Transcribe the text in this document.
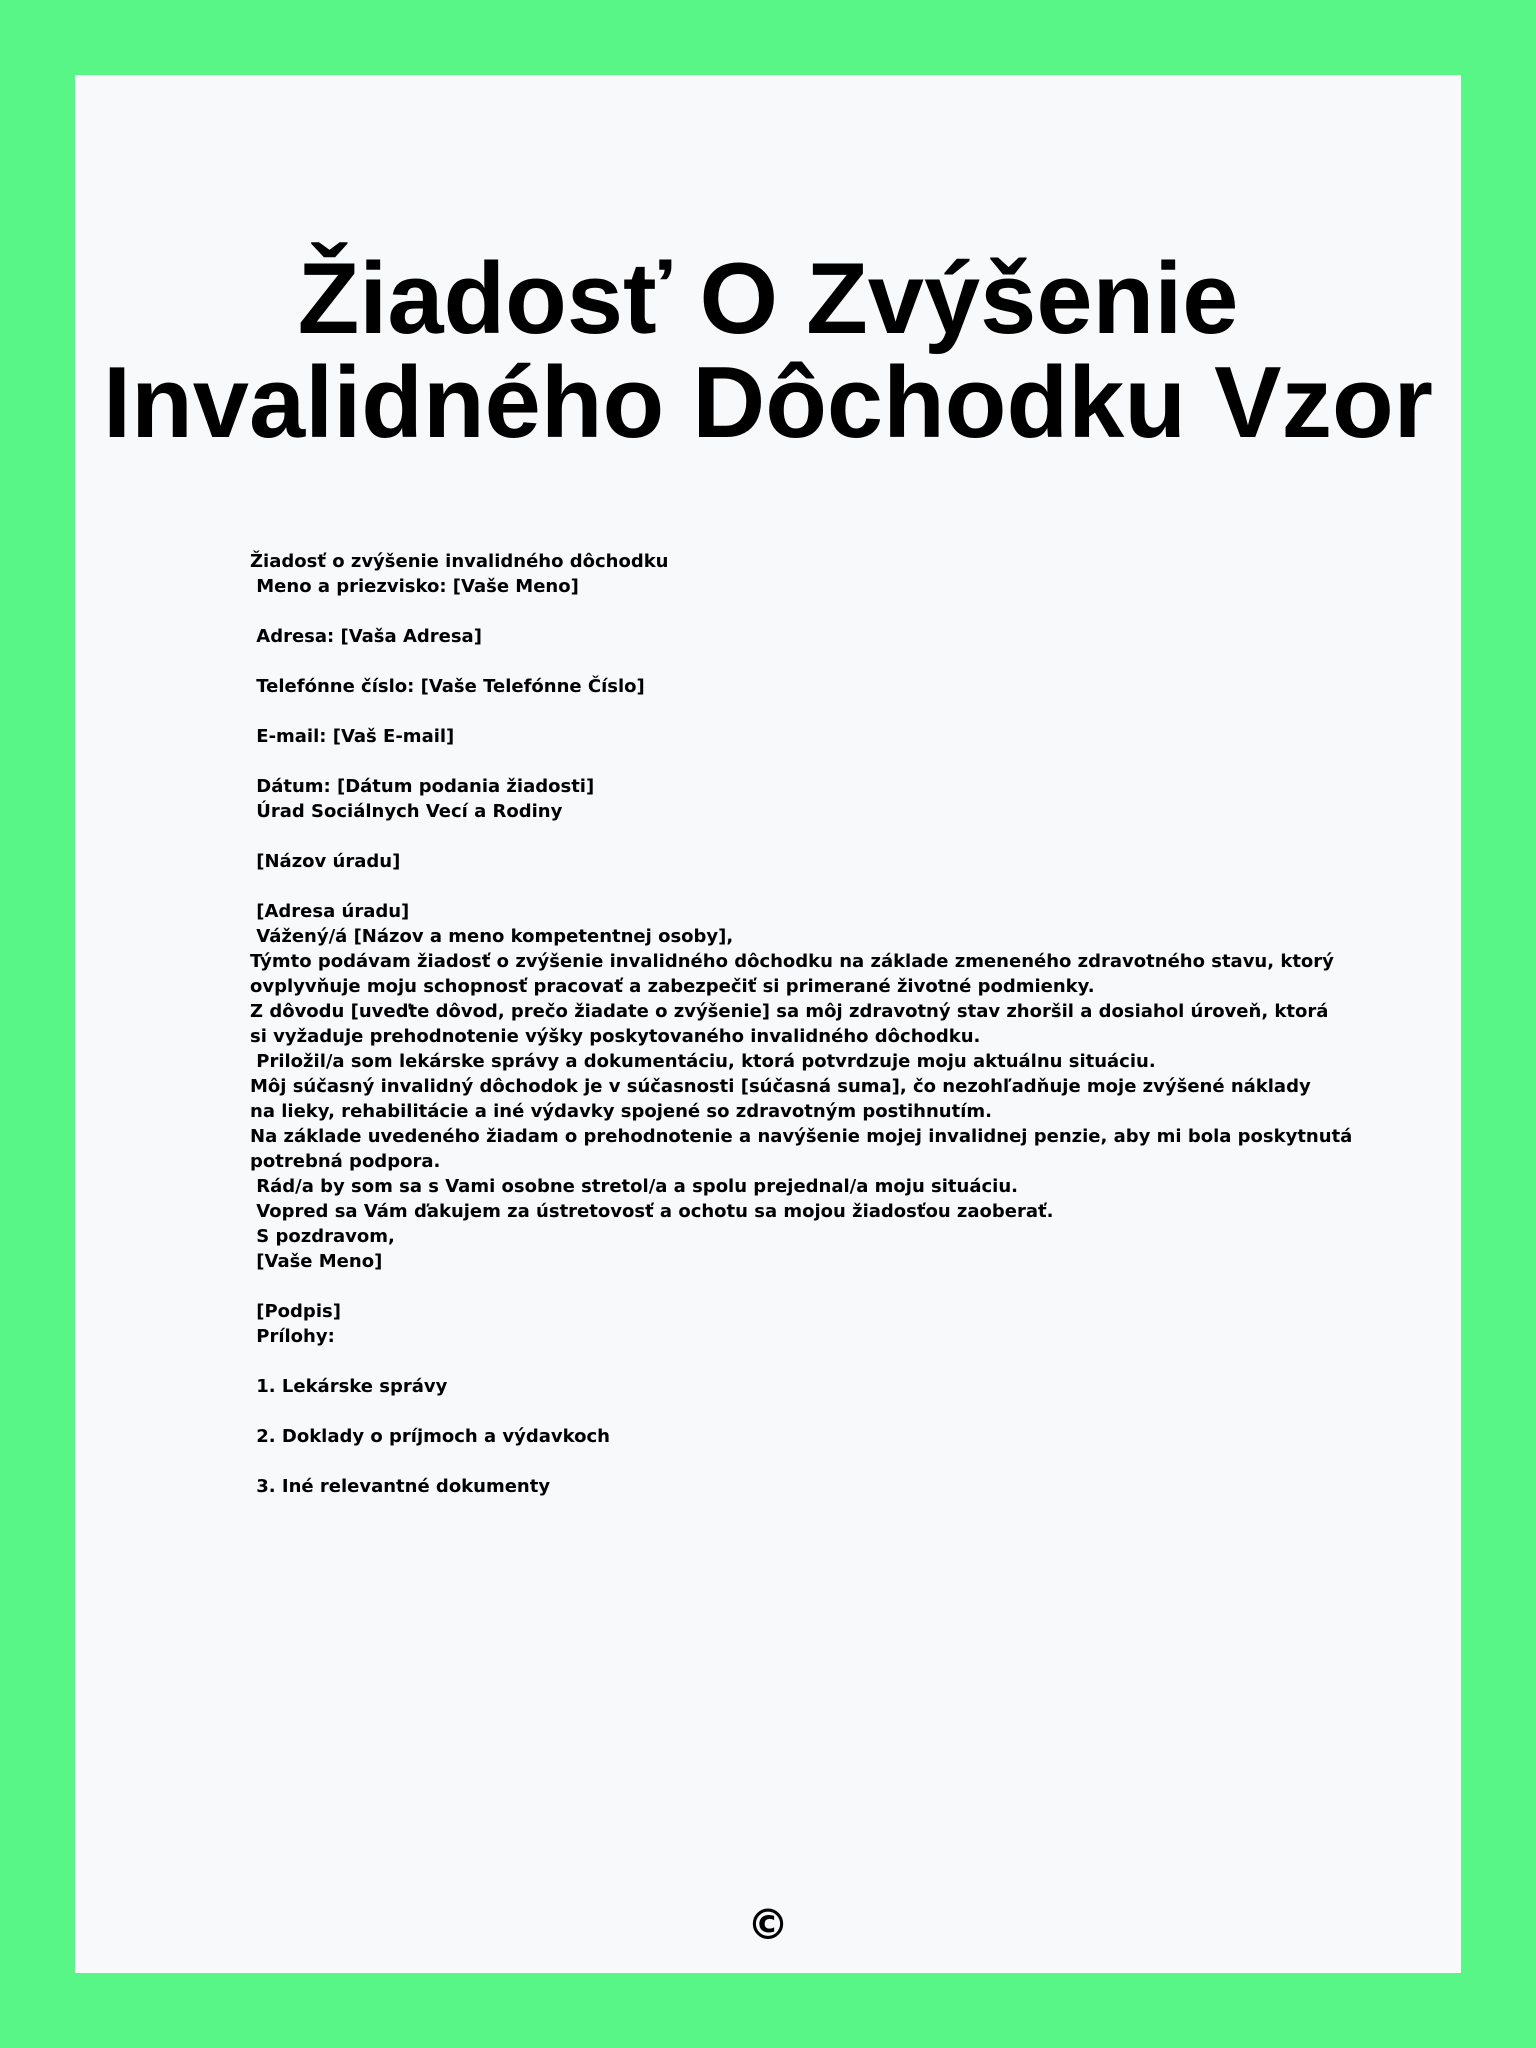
Žiadosť O Zvýšenie
Invalidného Dôchodku Vzor
Žiadosť o zvýšenie invalidného dôchodku
Meno a priezvisko: [Vaše Meno]
Adresa: [Vaša Adresa]
Telefónne číslo: [Vaše Telefónne Číslo]
E-mail: [Vaš E-mail]
Dátum: [Dátum podania žiadosti]
Úrad Sociálnych Vecí a Rodiny
[Názov úradu]
[Adresa úradu]
Vážený/á [Názov a meno kompetentnej osoby],
Týmto podávam žiadosť o zvýšenie invalidného dôchodku na základe zmeneného zdravotného stavu, ktorý
ovplyvňuje moju schopnosť pracovať a zabezpečiť si primerané životné podmienky.
Z dôvodu [uveďte dôvod, prečo žiadate o zvýšenie] sa môj zdravotný stav zhoršil a dosiahol úroveň, ktorá
si vyžaduje prehodnotenie výšky poskytovaného invalidného dôchodku.
Priložil/a som lekárske správy a dokumentáciu, ktorá potvrdzuje moju aktuálnu situáciu.
Môj súčasný invalidný dôchodok je v súčasnosti [súčasná suma], čo nezohľadňuje moje zvýšené náklady
na lieky, rehabilitácie a iné výdavky spojené so zdravotným postihnutím.
Na základe uvedeného žiadam o prehodnotenie a navýšenie mojej invalidnej penzie, aby mi bola poskytnutá
potrebná podpora.
Rád/a by som sa s Vami osobne stretol/a a spolu prejednal/a moju situáciu.
Vopred sa Vám ďakujem za ústretovosť a ochotu sa mojou žiadosťou zaoberať.
S pozdravom,
[Vaše Meno]
[Podpis]
Prílohy:
1. Lekárske správy
2. Doklady o príjmoch a výdavkoch
3. Iné relevantné dokumenty
©
